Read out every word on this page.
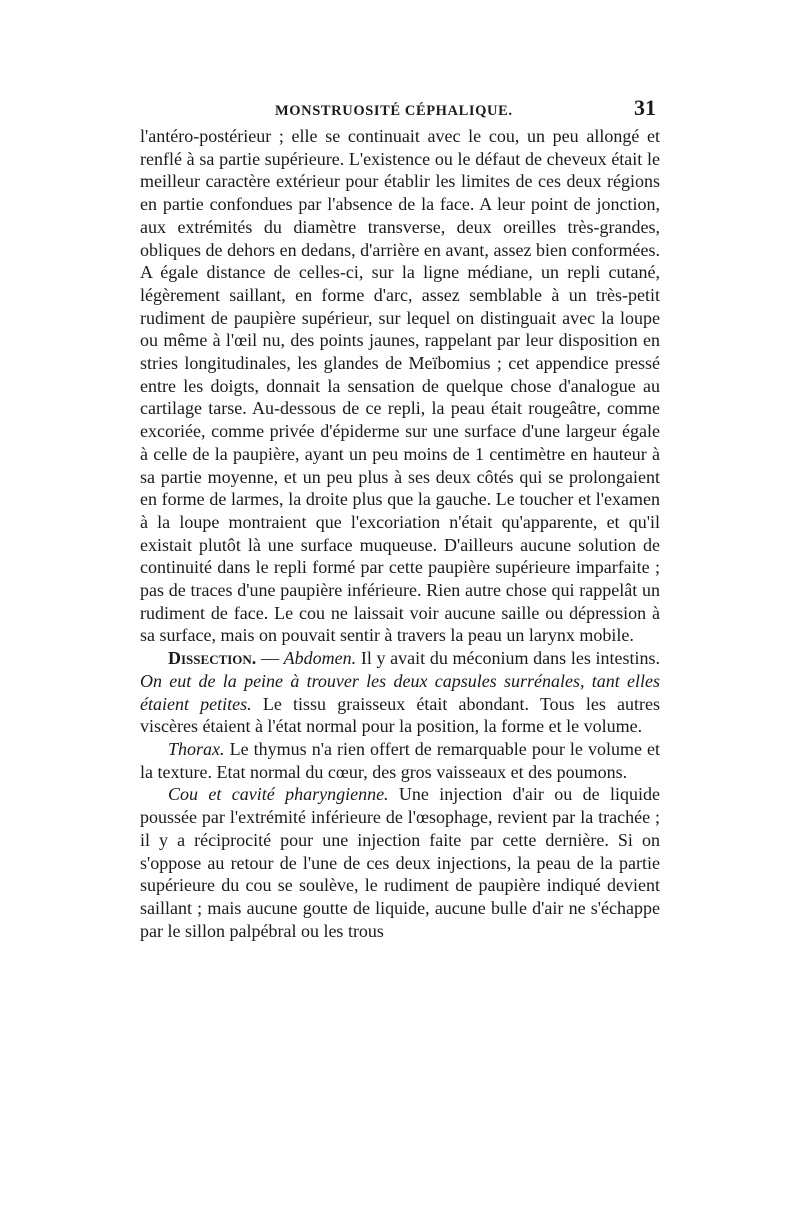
MONSTRUOSITÉ CÉPHALIQUE.	31

l'antéro-postérieur ; elle se continuait avec le cou, un peu allongé et renflé à sa partie supérieure. L'existence ou le défaut de cheveux était le meilleur caractère extérieur pour établir les limites de ces deux régions en partie confondues par l'absence de la face. A leur point de jonction, aux extrémités du diamètre transverse, deux oreilles très-grandes, obliques de dehors en dedans, d'arrière en avant, assez bien conformées. A égale distance de celles-ci, sur la ligne médiane, un repli cutané, légèrement saillant, en forme d'arc, assez semblable à un très-petit rudiment de paupière supérieur, sur lequel on distinguait avec la loupe ou même à l'œil nu, des points jaunes, rappelant par leur disposition en stries longitudinales, les glandes de Meïbomius ; cet appendice pressé entre les doigts, donnait la sensation de quelque chose d'analogue au cartilage tarse. Au-dessous de ce repli, la peau était rougeâtre, comme excoriée, comme privée d'épiderme sur une surface d'une largeur égale à celle de la paupière, ayant un peu moins de 1 centimètre en hauteur à sa partie moyenne, et un peu plus à ses deux côtés qui se prolongaient en forme de larmes, la droite plus que la gauche. Le toucher et l'examen à la loupe montraient que l'excoriation n'était qu'apparente, et qu'il existait plutôt là une surface muqueuse. D'ailleurs aucune solution de continuité dans le repli formé par cette paupière supérieure imparfaite ; pas de traces d'une paupière inférieure. Rien autre chose qui rappelât un rudiment de face. Le cou ne laissait voir aucune saille ou dépression à sa surface, mais on pouvait sentir à travers la peau un larynx mobile.

Dissection. — Abdomen. Il y avait du méconium dans les intestins. On eut de la peine à trouver les deux capsules surrénales, tant elles étaient petites. Le tissu graisseux était abondant. Tous les autres viscères étaient à l'état normal pour la position, la forme et le volume.

Thorax. Le thymus n'a rien offert de remarquable pour le volume et la texture. Etat normal du cœur, des gros vaisseaux et des poumons.

Cou et cavité pharyngienne. Une injection d'air ou de liquide poussée par l'extrémité inférieure de l'œsophage, revient par la trachée ; il y a réciprocité pour une injection faite par cette dernière. Si on s'oppose au retour de l'une de ces deux injections, la peau de la partie supérieure du cou se soulève, le rudiment de paupière indiqué devient saillant ; mais aucune goutte de liquide, aucune bulle d'air ne s'échappe par le sillon palpébral ou les trous
